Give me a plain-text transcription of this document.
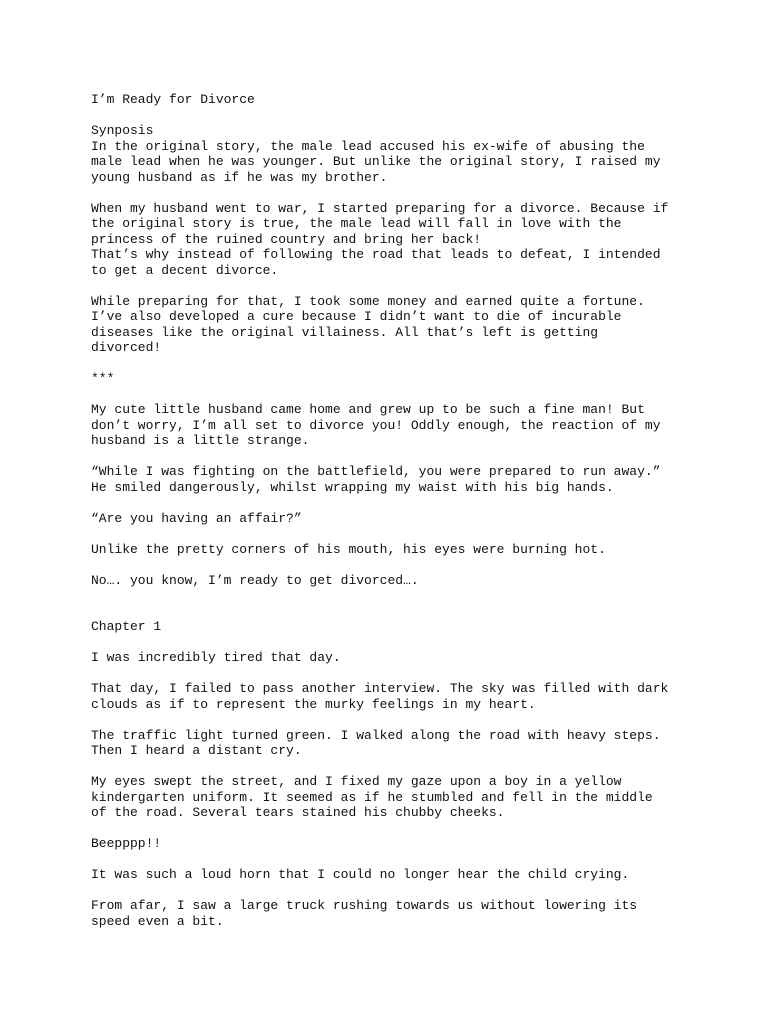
I’m Ready for Divorce
Synposis
In the original story, the male lead accused his ex-wife of abusing the
male lead when he was younger. But unlike the original story, I raised my
young husband as if he was my brother.
When my husband went to war, I started preparing for a divorce. Because if
the original story is true, the male lead will fall in love with the
princess of the ruined country and bring her back!
That’s why instead of following the road that leads to defeat, I intended
to get a decent divorce.
While preparing for that, I took some money and earned quite a fortune.
I’ve also developed a cure because I didn’t want to die of incurable
diseases like the original villainess. All that’s left is getting
divorced!
***
My cute little husband came home and grew up to be such a fine man! But
don’t worry, I’m all set to divorce you! Oddly enough, the reaction of my
husband is a little strange.
“While I was fighting on the battlefield, you were prepared to run away.”
He smiled dangerously, whilst wrapping my waist with his big hands.
“Are you having an affair?”
Unlike the pretty corners of his mouth, his eyes were burning hot.
No…. you know, I’m ready to get divorced….
Chapter 1
I was incredibly tired that day.
That day, I failed to pass another interview. The sky was filled with dark
clouds as if to represent the murky feelings in my heart.
The traffic light turned green. I walked along the road with heavy steps.
Then I heard a distant cry.
My eyes swept the street, and I fixed my gaze upon a boy in a yellow
kindergarten uniform. It seemed as if he stumbled and fell in the middle
of the road. Several tears stained his chubby cheeks.
Beepppp!!
It was such a loud horn that I could no longer hear the child crying.
From afar, I saw a large truck rushing towards us without lowering its
speed even a bit.
